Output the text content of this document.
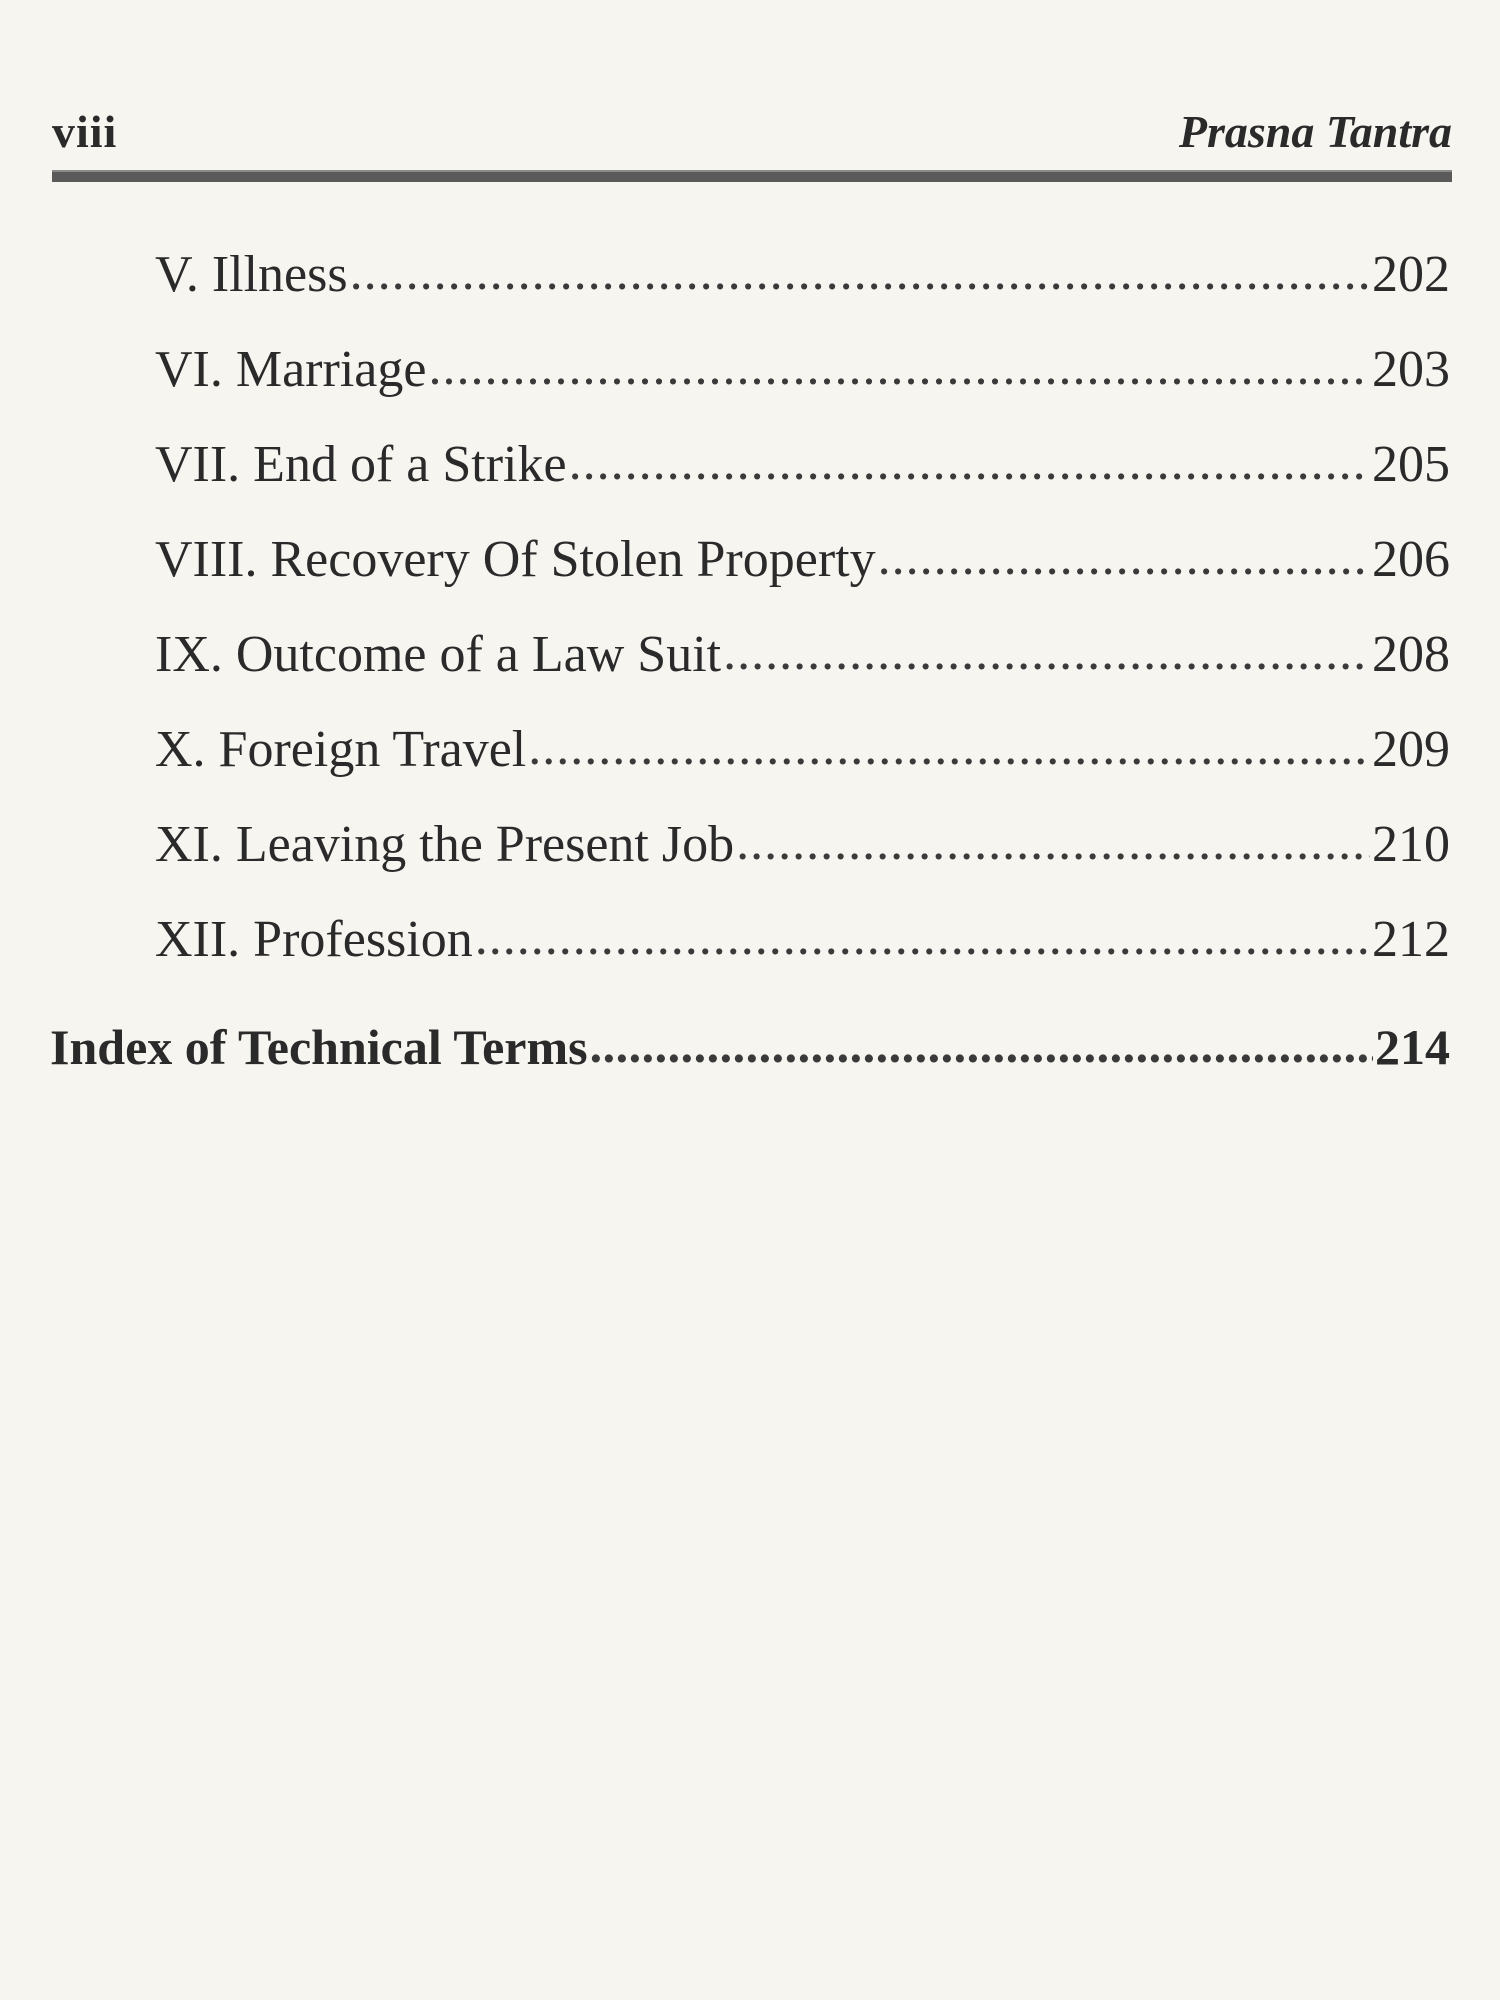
viii	Prasna Tantra
V. Illness . . .	202
VI. Marriage . . .	203
VII. End of a Strike . . .	205
VIII. Recovery Of Stolen Property . . .	206
IX. Outcome of a Law Suit . . .	208
X. Foreign Travel . . .	209
XI. Leaving the Present Job . . .	210
XII. Profession . . .	212
Index of Technical Terms . . .	214
